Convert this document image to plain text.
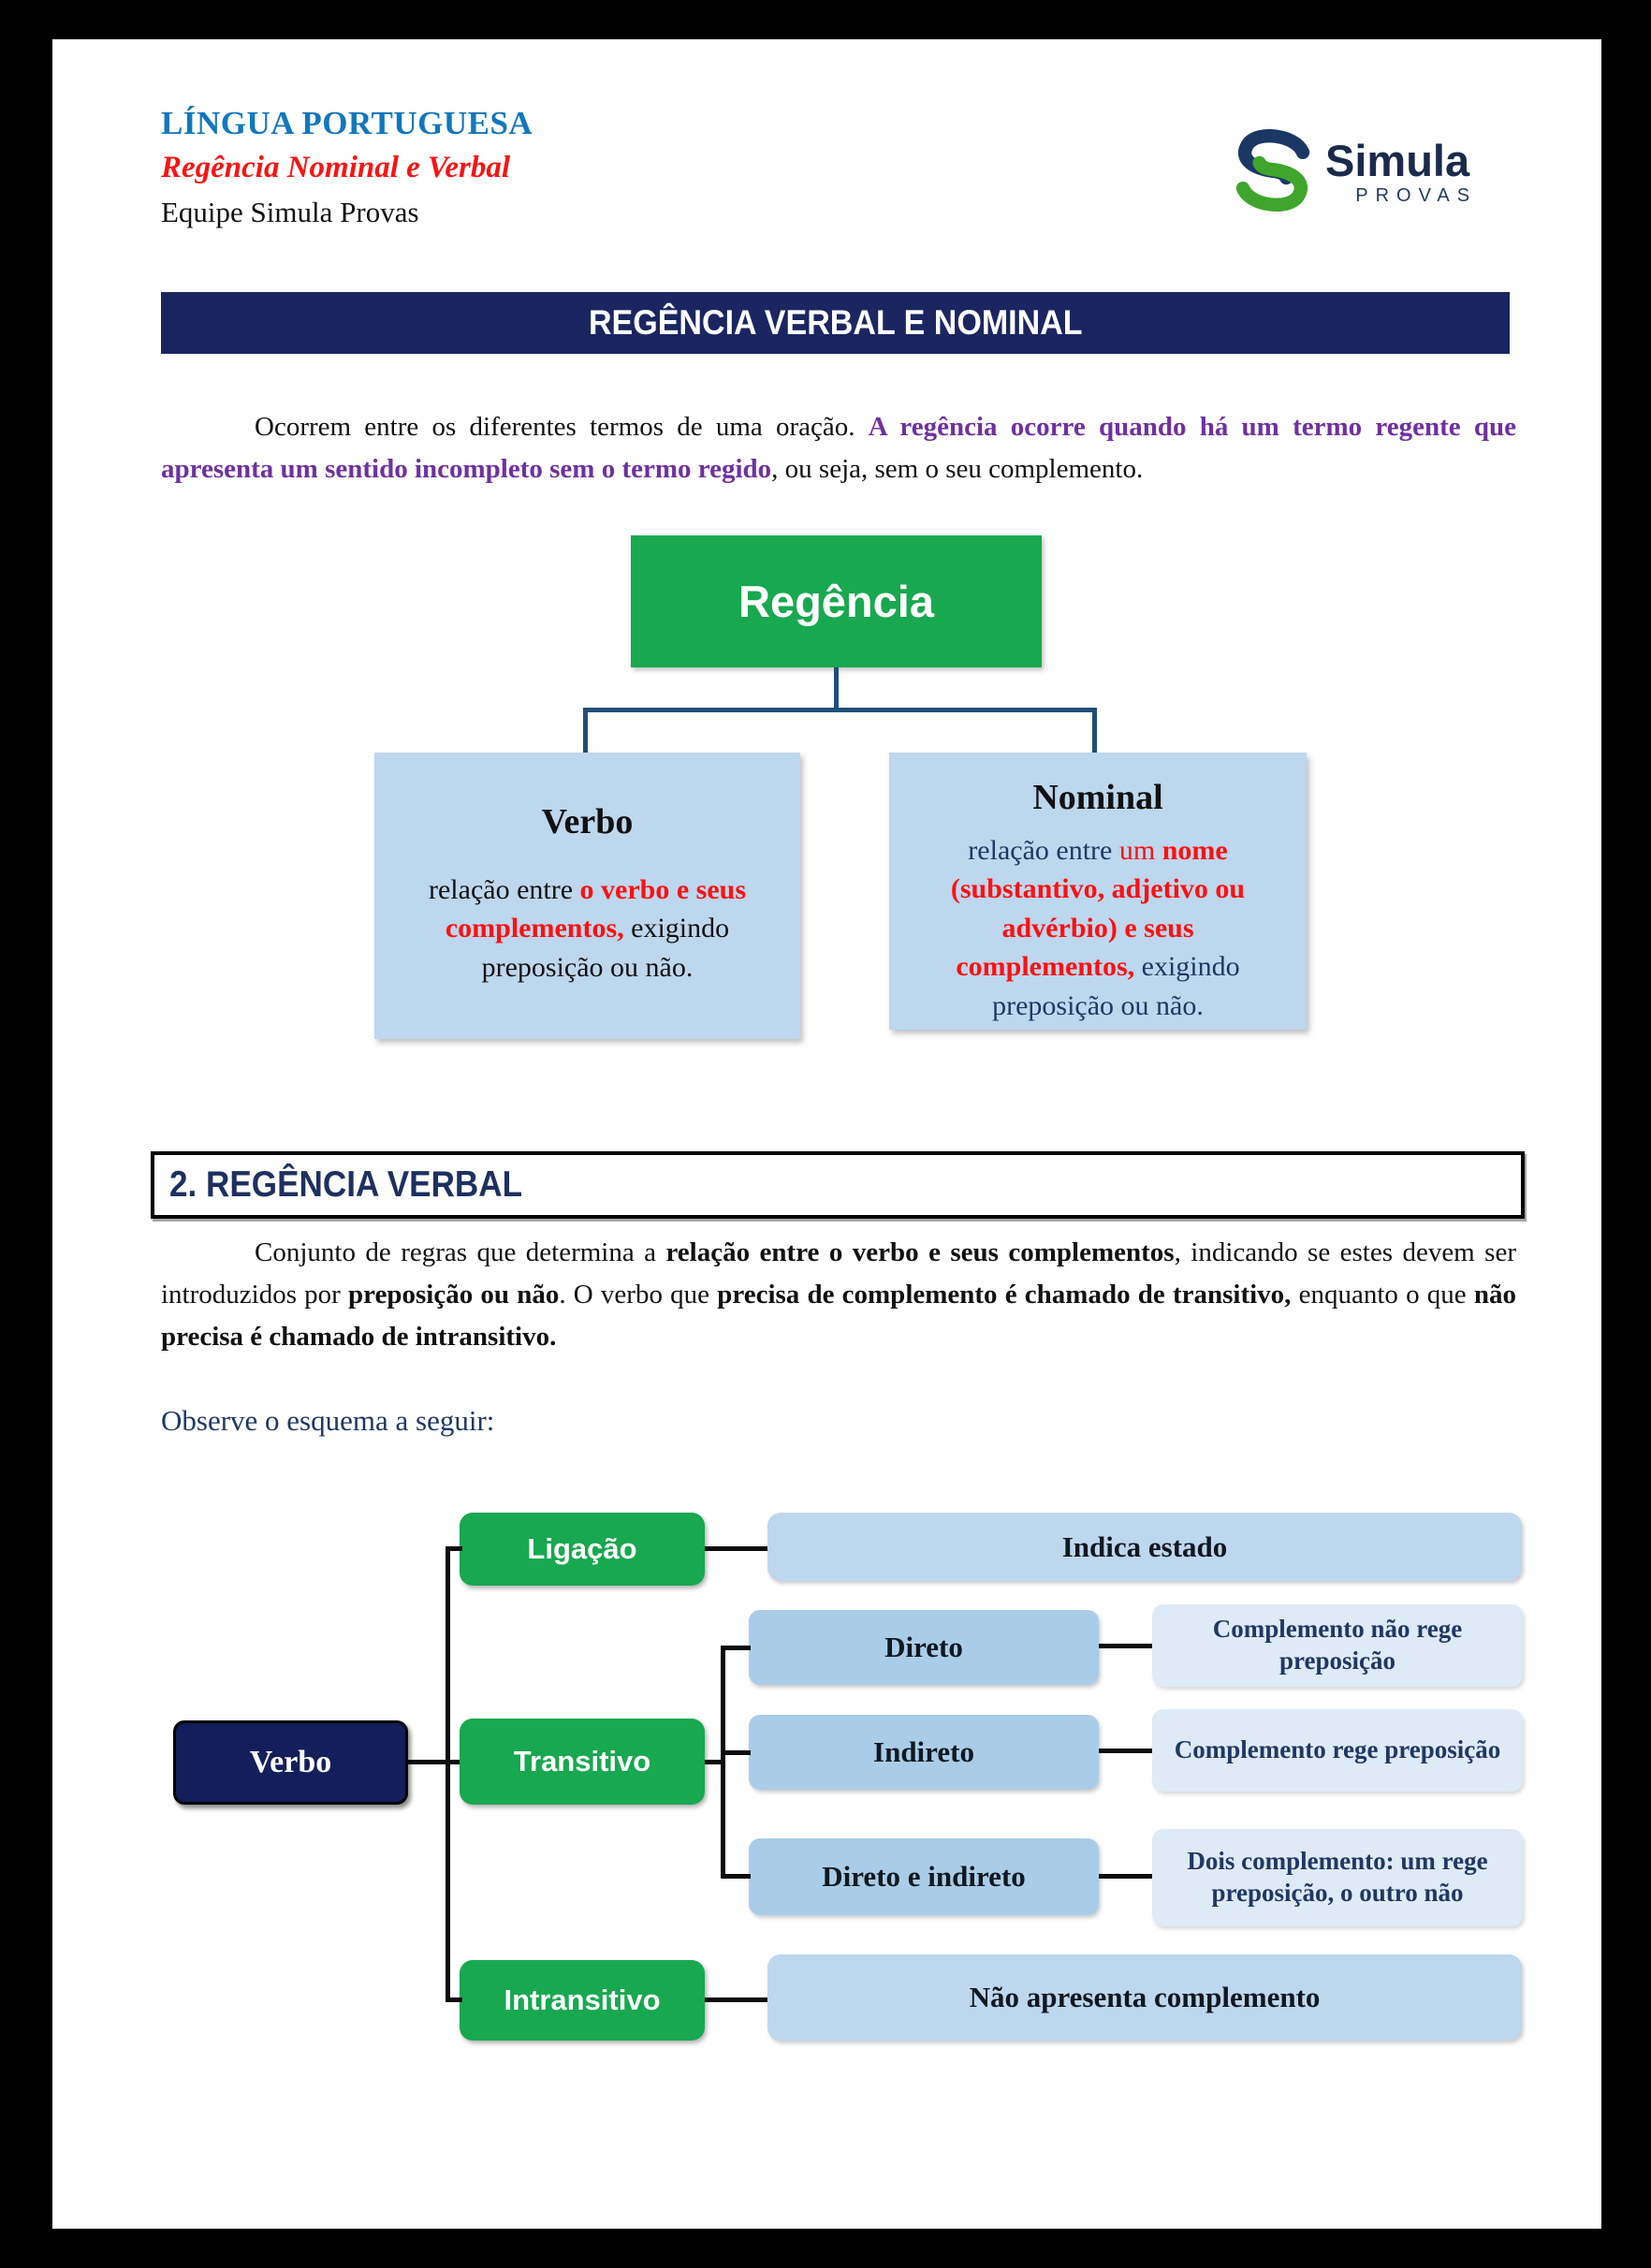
LÍNGUA PORTUGUESA
Regência Nominal e Verbal
Equipe Simula Provas
Simula
PROVAS
REGÊNCIA VERBAL E NOMINAL

Ocorrem entre os diferentes termos de uma oração. A regência ocorre quando há um termo regente que apresenta um sentido incompleto sem o termo regido, ou seja, sem o seu complemento.

Regência
Verbo
relação entre o verbo e seus complementos, exigindo preposição ou não.
Nominal
relação entre um nome (substantivo, adjetivo ou advérbio) e seus complementos, exigindo preposição ou não.
2. REGÊNCIA VERBAL

Conjunto de regras que determina a relação entre o verbo e seus complementos, indicando se estes devem ser introduzidos por preposição ou não. O verbo que precisa de complemento é chamado de transitivo, enquanto o que não precisa é chamado de intransitivo.

Observe o esquema a seguir:
Verbo
Ligação
Transitivo
Intransitivo
Direto
Indireto
Direto e indireto
Indica estado
Complemento não rege preposição
Complemento rege preposição
Dois complemento: um rege preposição, o outro não
Não apresenta complemento
